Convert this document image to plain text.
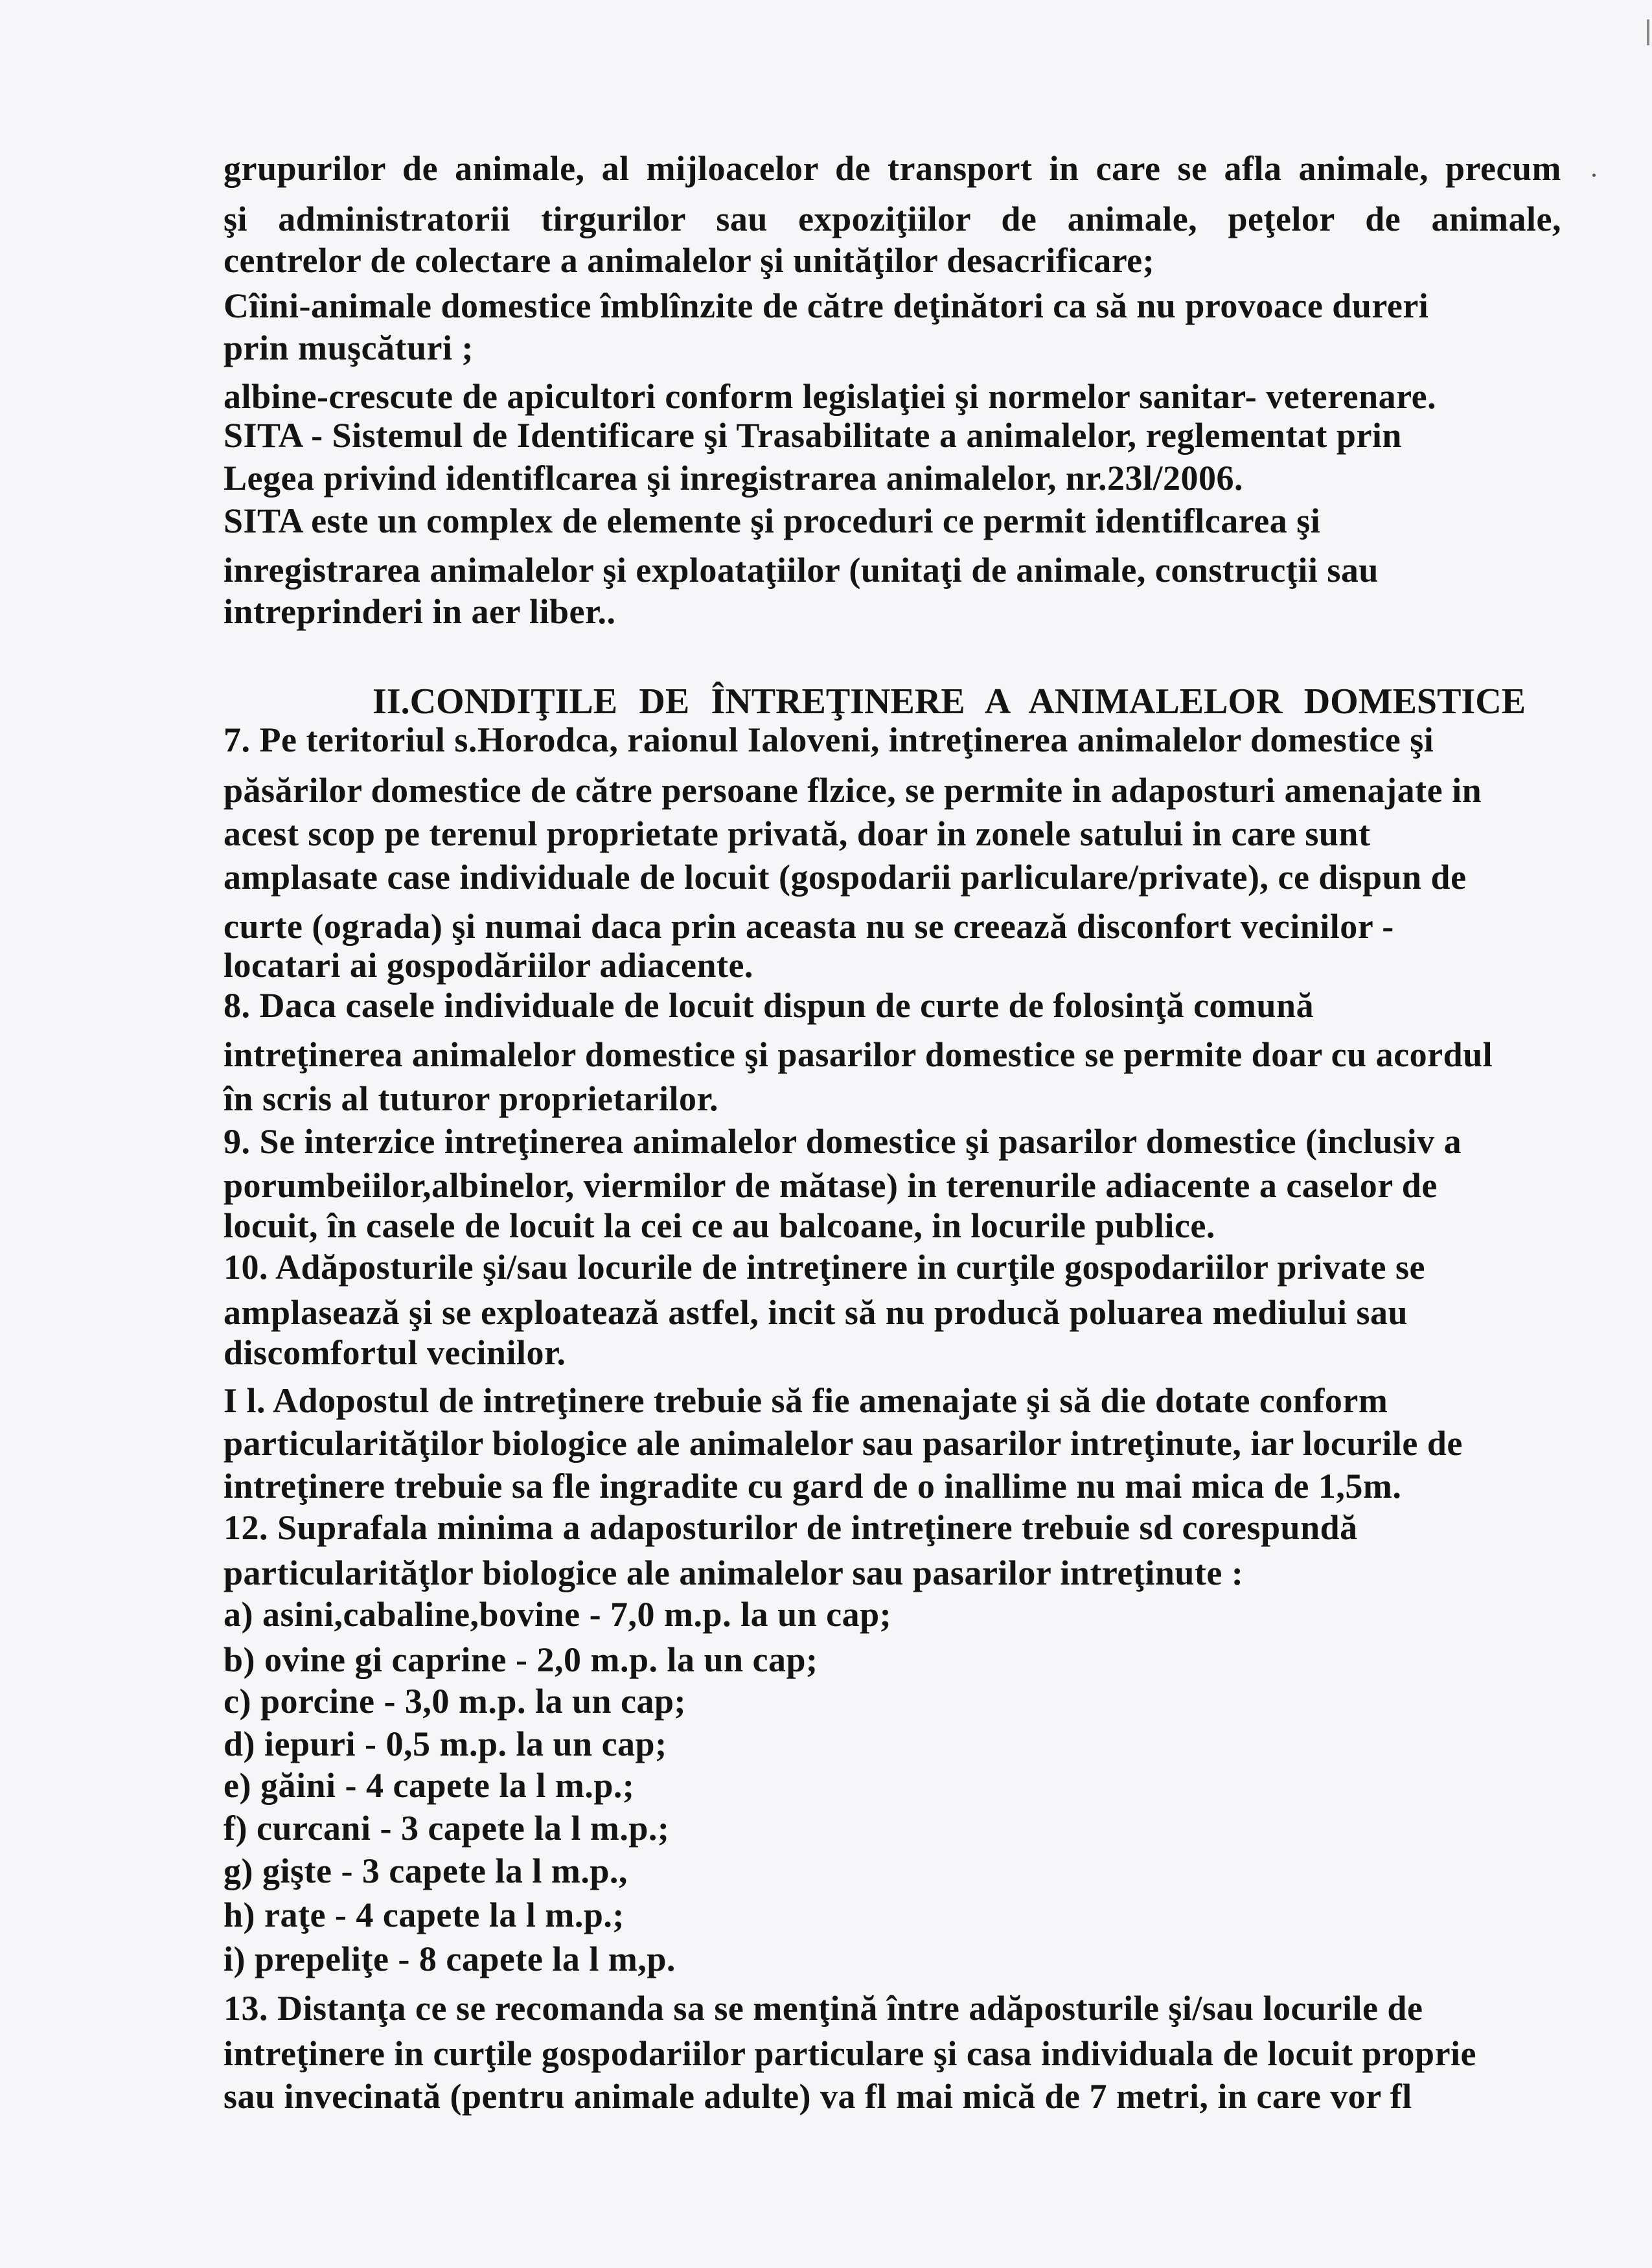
grupurilor de animale, al mijloacelor de transport in care se afla animale, precum
şi administratorii tirgurilor sau expoziţiilor de animale, peţelor de animale,
centrelor de colectare a animalelor şi unităţilor desacrificare;
Cîini-animale domestice îmblînzite de către deţinători ca să nu provoace dureri
prin muşcături ;
albine-crescute de apicultori conform legislaţiei şi normelor sanitar- veterenare.
SITA - Sistemul de Identificare şi Trasabilitate a animalelor, reglementat prin
Legea privind identiflcarea şi inregistrarea animalelor, nr.23l/2006.
SITA este un complex de elemente şi proceduri ce permit identiflcarea şi
inregistrarea animalelor şi exploataţiilor (unitaţi de animale, construcţii sau
intreprinderi in aer liber..
II.CONDIŢILE DE ÎNTREŢINERE A ANIMALELOR DOMESTICE
7. Pe teritoriul s.Horodca, raionul Ialoveni, intreţinerea animalelor domestice şi
păsărilor domestice de cătrе persoane flzice, se permite in adaposturi amenajate in
acest scop pe terenul proprietate privată, doar in zonele satului in care sunt
amplasate case individuale de locuit (gospodarii parliculare/private), ce dispun de
curte (ograda) şi numai daca prin aceasta nu se creează disconfort vecinilor -
locatari ai gospodăriilor adiacente.
8. Daca casele individuale de locuit dispun de curte de folosinţă comună
intreţinerea animalelor domestice şi pasarilor domestice se permite doar cu acordul
în scris al tuturor proprietarilor.
9. Se interzice intreţinerea animalelor domestice şi pasarilor domestice (inclusiv a
porumbeiilor,albinelor, viermilor de mătase) in terenurile adiacente a caselor de
locuit, în casele de locuit la cei ce au balcoane, in locurile publice.
10. Adăposturile şi/sau locurile de intreţinere in curţile gospodariilor private se
amplasează şi se exploatează astfel, incit să nu producă poluarea mediului sau
discomfortul vecinilor.
I l. Adopostul de intreţinere trebuie să fie amenajate şi să die dotate conform
particularităţilor biologice ale animalelor sau pasarilor intreţinute, iar locurile de
intreţinere trebuie sa fle ingradite cu gard de o inallime nu mai mica de 1,5m.
12. Suprafala minima a adaposturilor de intreţinere trebuie sd corespundă
particularităţlor biologice ale animalelor sau pasarilor intreţinute :
a) asini,cabaline,bovine - 7,0 m.p. la un cap;
b) ovine gi caprine - 2,0 m.p. la un cap;
c) porcine - 3,0 m.p. la un cap;
d) iepuri - 0,5 m.p. la un cap;
e) găini - 4 capete la l m.p.;
f) curcani - 3 capete la l m.p.;
g) gişte - 3 capete la l m.p.,
h) raţe - 4 capete la l m.p.;
i) prepeliţe - 8 capete la l m,p.
13. Distanţa ce se recomanda sa se menţină între adăposturile şi/sau locurile de
intreţinere in curţile gospodariilor particulare şi casa individuala de locuit proprie
sau invecinată (pentru animale adulte) va fl mai mică de 7 metri, in care vor fl
